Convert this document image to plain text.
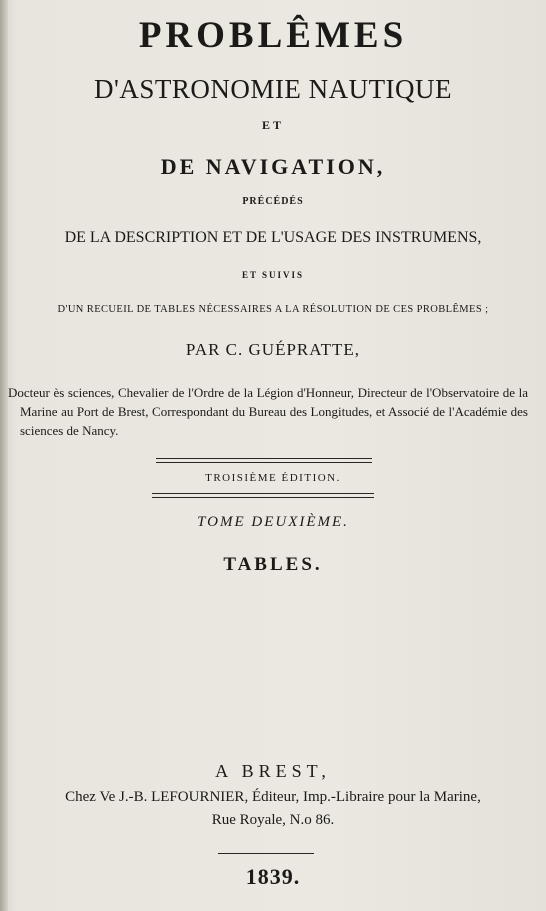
PROBLÊMES
D'ASTRONOMIE NAUTIQUE
ET
DE NAVIGATION,
PRÉCÉDÉS
DE LA DESCRIPTION ET DE L'USAGE DES INSTRUMENS,
ET SUIVIS
D'UN RECUEIL DE TABLES NÉCESSAIRES A LA RÉSOLUTION DE CES PROBLÊMES ;
PAR C. GUÉPRATTE,
Docteur ès sciences, Chevalier de l'Ordre de la Légion d'Honneur, Directeur de l'Observatoire de la Marine au Port de Brest, Correspondant du Bureau des Longitudes, et Associé de l'Académie des sciences de Nancy.
TROISIÈME ÉDITION.
TOME DEUXIÈME.
TABLES.
A BREST,
Chez Ve J.-B. LEFOURNIER, Éditeur, Imp.-Libraire pour la Marine,
Rue Royale, N.o 86.
1839.
